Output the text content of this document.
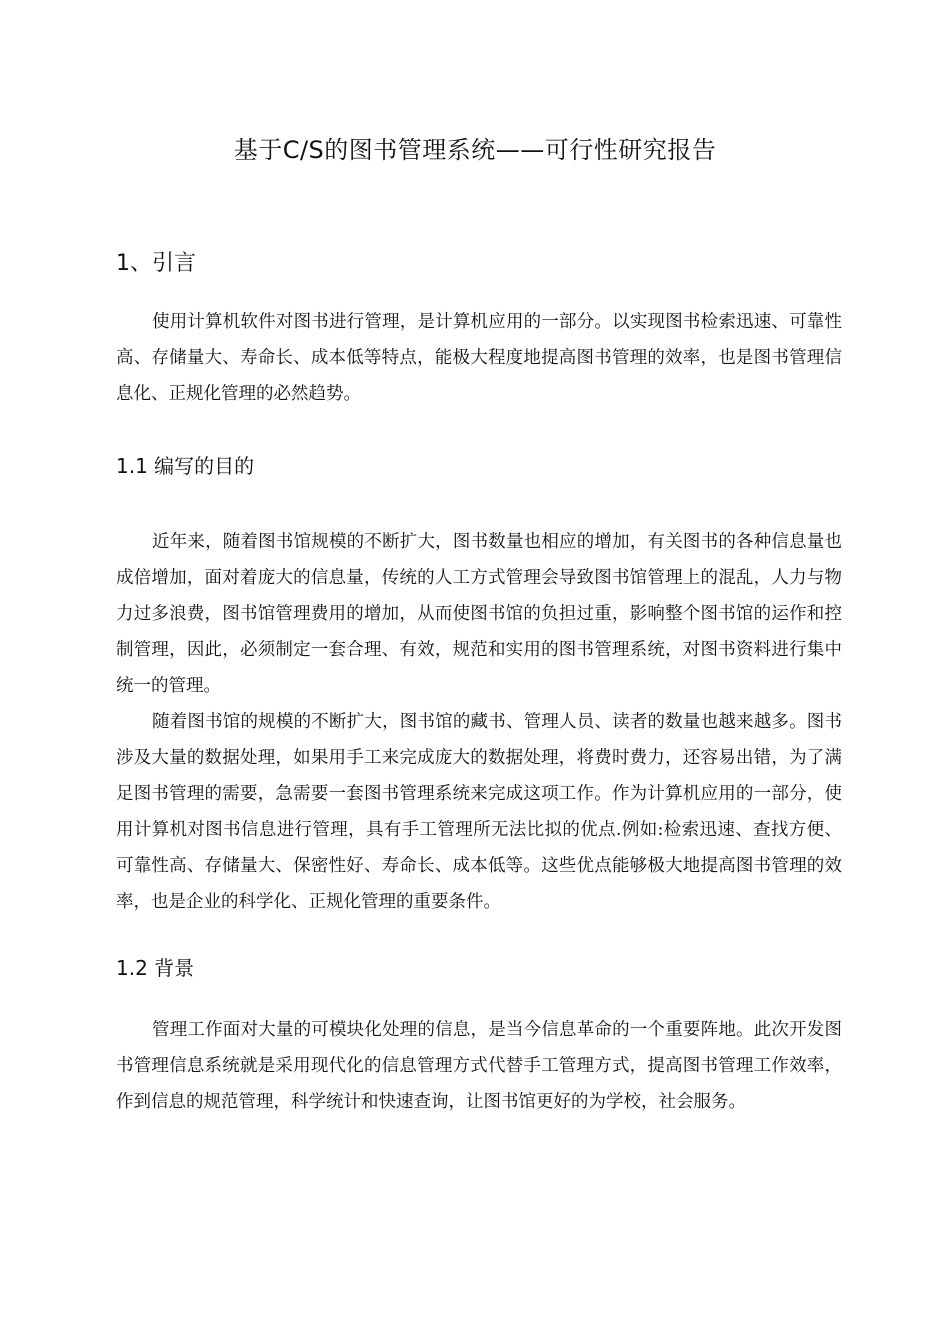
基于C/S的图书管理系统——可行性研究报告
1、引言

使用计算机软件对图书进行管理，是计算机应用的一部分。以实现图书检索迅速、可靠性高、存储量大、寿命长、成本低等特点，能极大程度地提高图书管理的效率，也是图书管理信息化、正规化管理的必然趋势。

1.1 编写的目的

近年来，随着图书馆规模的不断扩大，图书数量也相应的增加，有关图书的各种信息量也成倍增加，面对着庞大的信息量，传统的人工方式管理会导致图书馆管理上的混乱，人力与物力过多浪费，图书馆管理费用的增加，从而使图书馆的负担过重，影响整个图书馆的运作和控制管理，因此，必须制定一套合理、有效，规范和实用的图书管理系统，对图书资料进行集中统一的管理。

随着图书馆的规模的不断扩大，图书馆的藏书、管理人员、读者的数量也越来越多。图书涉及大量的数据处理，如果用手工来完成庞大的数据处理，将费时费力，还容易出错，为了满足图书管理的需要，急需要一套图书管理系统来完成这项工作。作为计算机应用的一部分，使用计算机对图书信息进行管理，具有手工管理所无法比拟的优点.例如:检索迅速、查找方便、可靠性高、存储量大、保密性好、寿命长、成本低等。这些优点能够极大地提高图书管理的效率，也是企业的科学化、正规化管理的重要条件。

1.2 背景

管理工作面对大量的可模块化处理的信息，是当今信息革命的一个重要阵地。此次开发图书管理信息系统就是采用现代化的信息管理方式代替手工管理方式，提高图书管理工作效率，作到信息的规范管理，科学统计和快速查询，让图书馆更好的为学校，社会服务。
